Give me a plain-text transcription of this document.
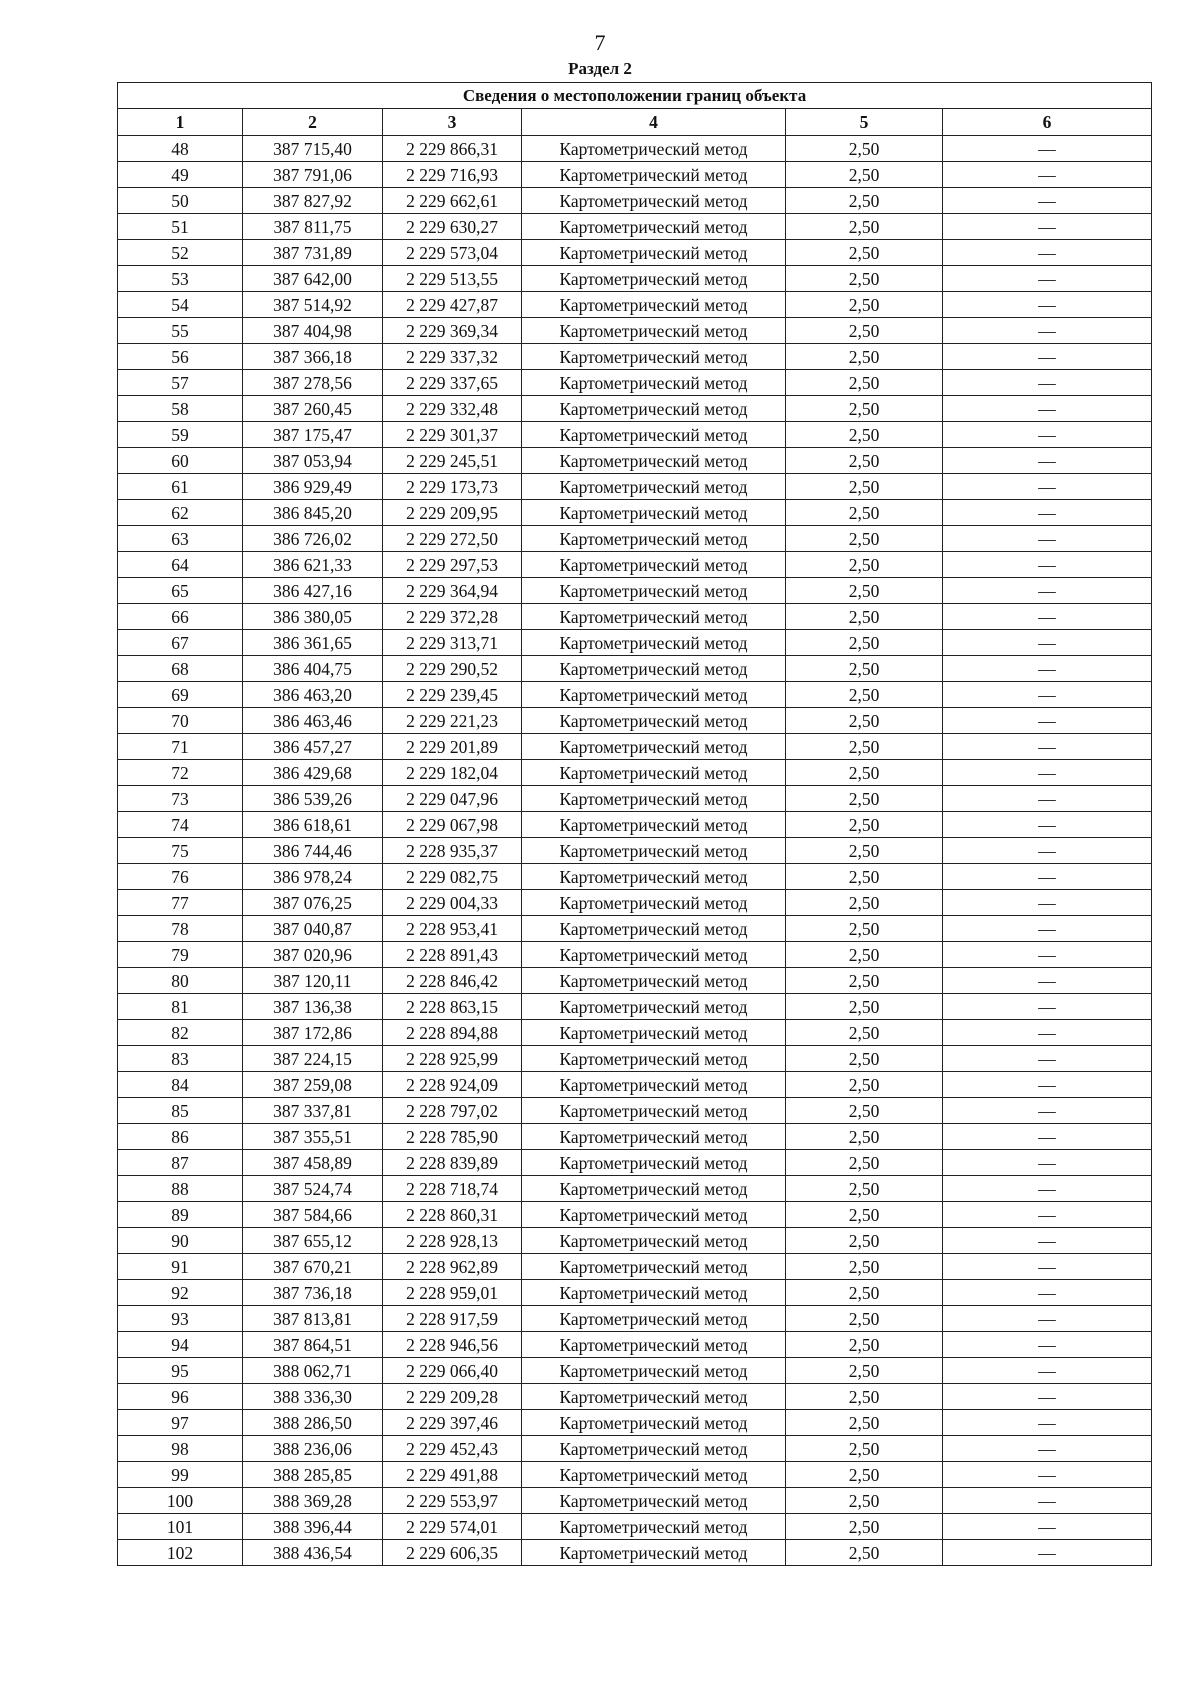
7
Раздел 2
Сведения о местоположении границ объекта					
1	2	3	4	5	6
48	387 715,40	2 229 866,31	Картометрический метод	2,50	—
49	387 791,06	2 229 716,93	Картометрический метод	2,50	—
50	387 827,92	2 229 662,61	Картометрический метод	2,50	—
51	387 811,75	2 229 630,27	Картометрический метод	2,50	—
52	387 731,89	2 229 573,04	Картометрический метод	2,50	—
53	387 642,00	2 229 513,55	Картометрический метод	2,50	—
54	387 514,92	2 229 427,87	Картометрический метод	2,50	—
55	387 404,98	2 229 369,34	Картометрический метод	2,50	—
56	387 366,18	2 229 337,32	Картометрический метод	2,50	—
57	387 278,56	2 229 337,65	Картометрический метод	2,50	—
58	387 260,45	2 229 332,48	Картометрический метод	2,50	—
59	387 175,47	2 229 301,37	Картометрический метод	2,50	—
60	387 053,94	2 229 245,51	Картометрический метод	2,50	—
61	386 929,49	2 229 173,73	Картометрический метод	2,50	—
62	386 845,20	2 229 209,95	Картометрический метод	2,50	—
63	386 726,02	2 229 272,50	Картометрический метод	2,50	—
64	386 621,33	2 229 297,53	Картометрический метод	2,50	—
65	386 427,16	2 229 364,94	Картометрический метод	2,50	—
66	386 380,05	2 229 372,28	Картометрический метод	2,50	—
67	386 361,65	2 229 313,71	Картометрический метод	2,50	—
68	386 404,75	2 229 290,52	Картометрический метод	2,50	—
69	386 463,20	2 229 239,45	Картометрический метод	2,50	—
70	386 463,46	2 229 221,23	Картометрический метод	2,50	—
71	386 457,27	2 229 201,89	Картометрический метод	2,50	—
72	386 429,68	2 229 182,04	Картометрический метод	2,50	—
73	386 539,26	2 229 047,96	Картометрический метод	2,50	—
74	386 618,61	2 229 067,98	Картометрический метод	2,50	—
75	386 744,46	2 228 935,37	Картометрический метод	2,50	—
76	386 978,24	2 229 082,75	Картометрический метод	2,50	—
77	387 076,25	2 229 004,33	Картометрический метод	2,50	—
78	387 040,87	2 228 953,41	Картометрический метод	2,50	—
79	387 020,96	2 228 891,43	Картометрический метод	2,50	—
80	387 120,11	2 228 846,42	Картометрический метод	2,50	—
81	387 136,38	2 228 863,15	Картометрический метод	2,50	—
82	387 172,86	2 228 894,88	Картометрический метод	2,50	—
83	387 224,15	2 228 925,99	Картометрический метод	2,50	—
84	387 259,08	2 228 924,09	Картометрический метод	2,50	—
85	387 337,81	2 228 797,02	Картометрический метод	2,50	—
86	387 355,51	2 228 785,90	Картометрический метод	2,50	—
87	387 458,89	2 228 839,89	Картометрический метод	2,50	—
88	387 524,74	2 228 718,74	Картометрический метод	2,50	—
89	387 584,66	2 228 860,31	Картометрический метод	2,50	—
90	387 655,12	2 228 928,13	Картометрический метод	2,50	—
91	387 670,21	2 228 962,89	Картометрический метод	2,50	—
92	387 736,18	2 228 959,01	Картометрический метод	2,50	—
93	387 813,81	2 228 917,59	Картометрический метод	2,50	—
94	387 864,51	2 228 946,56	Картометрический метод	2,50	—
95	388 062,71	2 229 066,40	Картометрический метод	2,50	—
96	388 336,30	2 229 209,28	Картометрический метод	2,50	—
97	388 286,50	2 229 397,46	Картометрический метод	2,50	—
98	388 236,06	2 229 452,43	Картометрический метод	2,50	—
99	388 285,85	2 229 491,88	Картометрический метод	2,50	—
100	388 369,28	2 229 553,97	Картометрический метод	2,50	—
101	388 396,44	2 229 574,01	Картометрический метод	2,50	—
102	388 436,54	2 229 606,35	Картометрический метод	2,50	—
